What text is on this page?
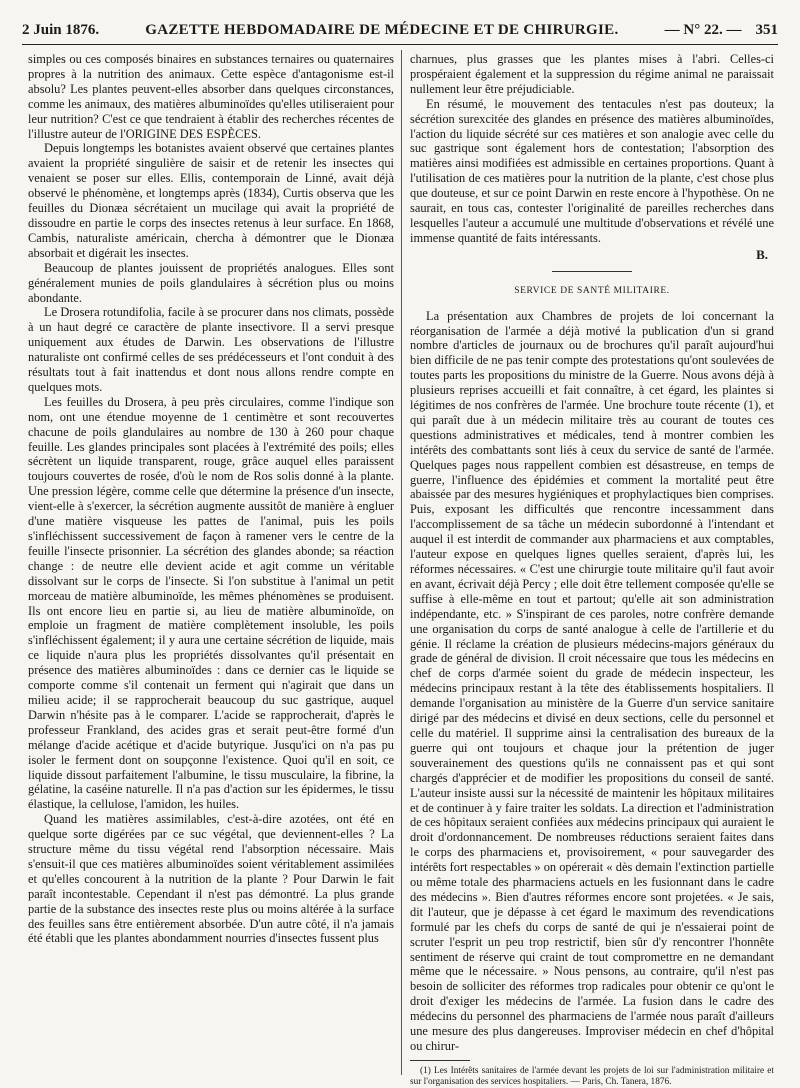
2 Juin 1876.	GAZETTE HEBDOMADAIRE DE MÉDECINE ET DE CHIRURGIE.	— N° 22. — 351

simples ou ces composés binaires en substances ternaires ou quaternaires propres à la nutrition des animaux. Cette espèce d'antagonisme est-il absolu? Les plantes peuvent-elles absorber dans quelques circonstances, comme les animaux, des matières albuminoïdes qu'elles utiliseraient pour leur nutrition? C'est ce que tendraient à établir des recherches récentes de l'illustre auteur de l'ORIGINE DES ESPÈCES.

Depuis longtemps les botanistes avaient observé que certaines plantes avaient la propriété singulière de saisir et de retenir les insectes qui venaient se poser sur elles. Ellis, contemporain de Linné, avait déjà observé le phénomène, et longtemps après (1834), Curtis observa que les feuilles du Dionæa sécrétaient un mucilage qui avait la propriété de dissoudre en partie le corps des insectes retenus à leur surface. En 1868, Cambis, naturaliste américain, chercha à démontrer que le Dionæa absorbait et digérait les insectes.

Beaucoup de plantes jouissent de propriétés analogues. Elles sont généralement munies de poils glandulaires à sécrétion plus ou moins abondante.

Le Drosera rotundifolia, facile à se procurer dans nos climats, possède à un haut degré ce caractère de plante insectivore. Il a servi presque uniquement aux études de Darwin. Les observations de l'illustre naturaliste ont confirmé celles de ses prédécesseurs et l'ont conduit à des résultats tout à fait inattendus et dont nous allons rendre compte en quelques mots.

Les feuilles du Drosera, à peu près circulaires, comme l'indique son nom, ont une étendue moyenne de 1 centimètre et sont recouvertes chacune de poils glandulaires au nombre de 130 à 260 pour chaque feuille. Les glandes principales sont placées à l'extrémité des poils; elles sécrètent un liquide transparent, rouge, grâce auquel elles paraissent toujours couvertes de rosée, d'où le nom de Ros solis donné à la plante. Une pression légère, comme celle que détermine la présence d'un insecte, vient-elle à s'exercer, la sécrétion augmente aussitôt de manière à engluer d'une matière visqueuse les pattes de l'animal, puis les poils s'infléchissent successivement de façon à ramener vers le centre de la feuille l'insecte prisonnier. La sécrétion des glandes abonde; sa réaction change : de neutre elle devient acide et agit comme un véritable dissolvant sur le corps de l'insecte. Si l'on substitue à l'animal un petit morceau de matière albuminoïde, les mêmes phénomènes se produisent. Ils ont encore lieu en partie si, au lieu de matière albuminoïde, on emploie un fragment de matière complètement insoluble, les poils s'infléchissent également; il y aura une certaine sécrétion de liquide, mais ce liquide n'aura plus les propriétés dissolvantes qu'il présentait en présence des matières albuminoïdes : dans ce dernier cas le liquide se comporte comme s'il contenait un ferment qui n'agirait que dans un milieu acide; il se rapprocherait beaucoup du suc gastrique, auquel Darwin n'hésite pas à le comparer. L'acide se rapprocherait, d'après le professeur Frankland, des acides gras et serait peut-être formé d'un mélange d'acide acétique et d'acide butyrique. Jusqu'ici on n'a pas pu isoler le ferment dont on soupçonne l'existence. Quoi qu'il en soit, ce liquide dissout parfaitement l'albumine, le tissu musculaire, la fibrine, la gélatine, la caséine naturelle. Il n'a pas d'action sur les épidermes, le tissu élastique, la cellulose, l'amidon, les huiles.

Quand les matières assimilables, c'est-à-dire azotées, ont été en quelque sorte digérées par ce suc végétal, que deviennent-elles ? La structure même du tissu végétal rend l'absorption nécessaire. Mais s'ensuit-il que ces matières albuminoïdes soient véritablement assimilées et qu'elles concourent à la nutrition de la plante ? Pour Darwin le fait paraît incontestable. Cependant il n'est pas démontré. La plus grande partie de la substance des insectes reste plus ou moins altérée à la surface des feuilles sans être entièrement absorbée. D'un autre côté, il n'a jamais été établi que les plantes abondamment nourries d'insectes fussent plus

charnues, plus grasses que les plantes mises à l'abri. Celles-ci prospéraient également et la suppression du régime animal ne paraissait nullement leur être préjudiciable.

En résumé, le mouvement des tentacules n'est pas douteux; la sécrétion surexcitée des glandes en présence des matières albuminoïdes, l'action du liquide sécrété sur ces matières et son analogie avec celle du suc gastrique sont également hors de contestation; l'absorption des matières ainsi modifiées est admissible en certaines proportions. Quant à l'utilisation de ces matières pour la nutrition de la plante, c'est chose plus que douteuse, et sur ce point Darwin en reste encore à l'hypothèse. On ne saurait, en tous cas, contester l'originalité de pareilles recherches dans lesquelles l'auteur a accumulé une multitude d'observations et révélé une immense quantité de faits intéressants.

B.
SERVICE DE SANTÉ MILITAIRE.

La présentation aux Chambres de projets de loi concernant la réorganisation de l'armée a déjà motivé la publication d'un si grand nombre d'articles de journaux ou de brochures qu'il paraît aujourd'hui bien difficile de ne pas tenir compte des protestations qu'ont soulevées de toutes parts les propositions du ministre de la Guerre. Nous avons déjà à plusieurs reprises accueilli et fait connaître, à cet égard, les plaintes si légitimes de nos confrères de l'armée. Une brochure toute récente (1), et qui paraît due à un médecin militaire très au courant de toutes ces questions administratives et médicales, tend à montrer combien les intérêts des combattants sont liés à ceux du service de santé de l'armée. Quelques pages nous rappellent combien est désastreuse, en temps de guerre, l'influence des épidémies et comment la mortalité peut être abaissée par des mesures hygiéniques et prophylactiques bien comprises. Puis, exposant les difficultés que rencontre incessamment dans l'accomplissement de sa tâche un médecin subordonné à l'intendant et auquel il est interdit de commander aux pharmaciens et aux comptables, l'auteur expose en quelques lignes quelles seraient, d'après lui, les réformes nécessaires. « C'est une chirurgie toute militaire qu'il faut avoir en avant, écrivait déjà Percy ; elle doit être tellement composée qu'elle se suffise à elle-même en tout et partout; qu'elle ait son administration indépendante, etc. » S'inspirant de ces paroles, notre confrère demande une organisation du corps de santé analogue à celle de l'artillerie et du génie. Il réclame la création de plusieurs médecins-majors généraux du grade de général de division. Il croit nécessaire que tous les médecins en chef de corps d'armée soient du grade de médecin inspecteur, les médecins principaux restant à la tête des établissements hospitaliers. Il demande l'organisation au ministère de la Guerre d'un service sanitaire dirigé par des médecins et divisé en deux sections, celle du personnel et celle du matériel. Il supprime ainsi la centralisation des bureaux de la guerre qui ont toujours et chaque jour la prétention de juger souverainement des questions qu'ils ne connaissent pas et qui sont chargés d'apprécier et de modifier les propositions du conseil de santé. L'auteur insiste aussi sur la nécessité de maintenir les hôpitaux militaires et de continuer à y faire traiter les soldats. La direction et l'administration de ces hôpitaux seraient confiées aux médecins principaux qui auraient le droit d'ordonnancement. De nombreuses réductions seraient faites dans le corps des pharmaciens et, provisoirement, « pour sauvegarder des intérêts fort respectables » on opérerait « dès demain l'extinction partielle ou même totale des pharmaciens actuels en les fusionnant dans le cadre des médecins ». Bien d'autres réformes encore sont projetées. « Je sais, dit l'auteur, que je dépasse à cet égard le maximum des revendications formulé par les chefs du corps de santé de qui je n'essaierai point de scruter l'esprit un peu trop restrictif, bien sûr d'y rencontrer l'honnête sentiment de réserve qui craint de tout compromettre en ne demandant même que le nécessaire. » Nous pensons, au contraire, qu'il n'est pas besoin de solliciter des réformes trop radicales pour obtenir ce qu'ont le droit d'exiger les médecins de l'armée. La fusion dans le cadre des médecins du personnel des pharmaciens de l'armée nous paraît d'ailleurs une mesure des plus dangereuses. Improviser médecin en chef d'hôpital ou chirur-

(1) Les Intérêts sanitaires de l'armée devant les projets de loi sur l'administration militaire et sur l'organisation des services hospitaliers. — Paris, Ch. Tanera, 1876.
